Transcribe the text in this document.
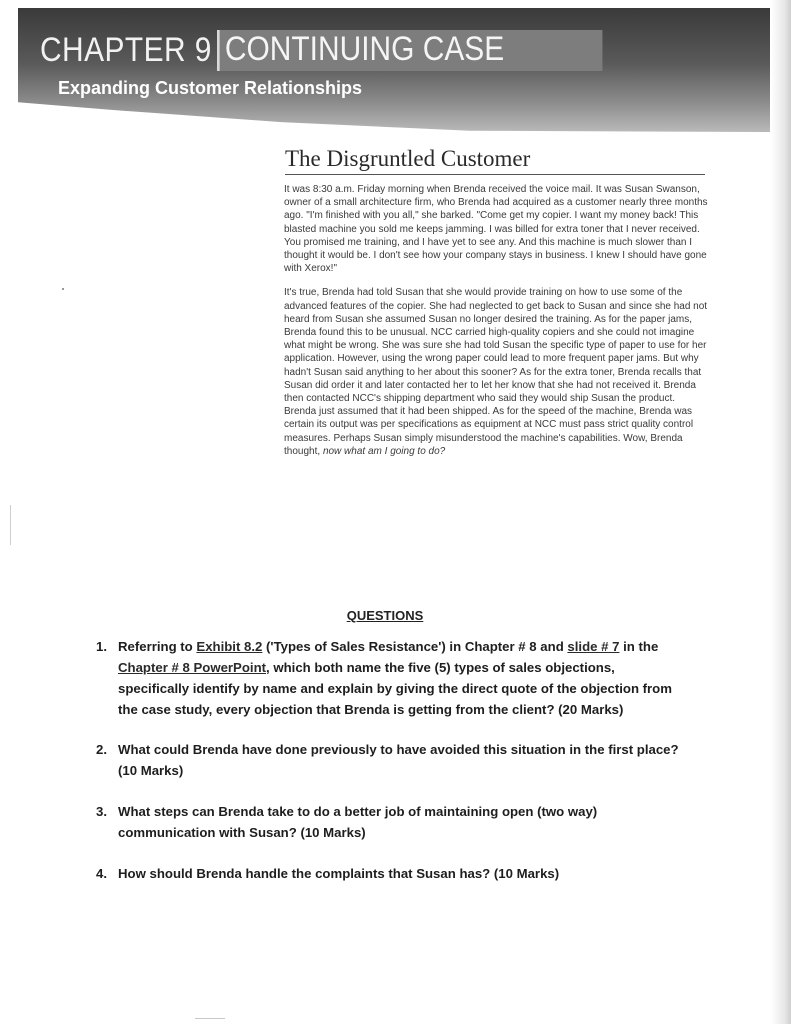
CHAPTER 9 CONTINUING CASE
Expanding Customer Relationships
The Disgruntled Customer

It was 8:30 a.m. Friday morning when Brenda received the voice mail. It was Susan Swanson, owner of a small architecture firm, who Brenda had acquired as a customer nearly three months ago. "I'm finished with you all," she barked. "Come get my copier. I want my money back! This blasted machine you sold me keeps jamming. I was billed for extra toner that I never received. You promised me training, and I have yet to see any. And this machine is much slower than I thought it would be. I don't see how your company stays in business. I knew I should have gone with Xerox!"

It's true, Brenda had told Susan that she would provide training on how to use some of the advanced features of the copier. She had neglected to get back to Susan and since she had not heard from Susan she assumed Susan no longer desired the training. As for the paper jams, Brenda found this to be unusual. NCC carried high-quality copiers and she could not imagine what might be wrong. She was sure she had told Susan the specific type of paper to use for her application. However, using the wrong paper could lead to more frequent paper jams. But why hadn't Susan said anything to her about this sooner? As for the extra toner, Brenda recalls that Susan did order it and later contacted her to let her know that she had not received it. Brenda then contacted NCC's shipping department who said they would ship Susan the product. Brenda just assumed that it had been shipped. As for the speed of the machine, Brenda was certain its output was per specifications as equipment at NCC must pass strict quality control measures. Perhaps Susan simply misunderstood the machine's capabilities. Wow, Brenda thought, now what am I going to do?

QUESTIONS
1. Referring to Exhibit 8.2 ('Types of Sales Resistance') in Chapter # 8 and slide # 7 in the Chapter # 8 PowerPoint, which both name the five (5) types of sales objections, specifically identify by name and explain by giving the direct quote of the objection from the case study, every objection that Brenda is getting from the client? (20 Marks)
2. What could Brenda have done previously to have avoided this situation in the first place? (10 Marks)
3. What steps can Brenda take to do a better job of maintaining open (two way) communication with Susan? (10 Marks)
4. How should Brenda handle the complaints that Susan has? (10 Marks)
